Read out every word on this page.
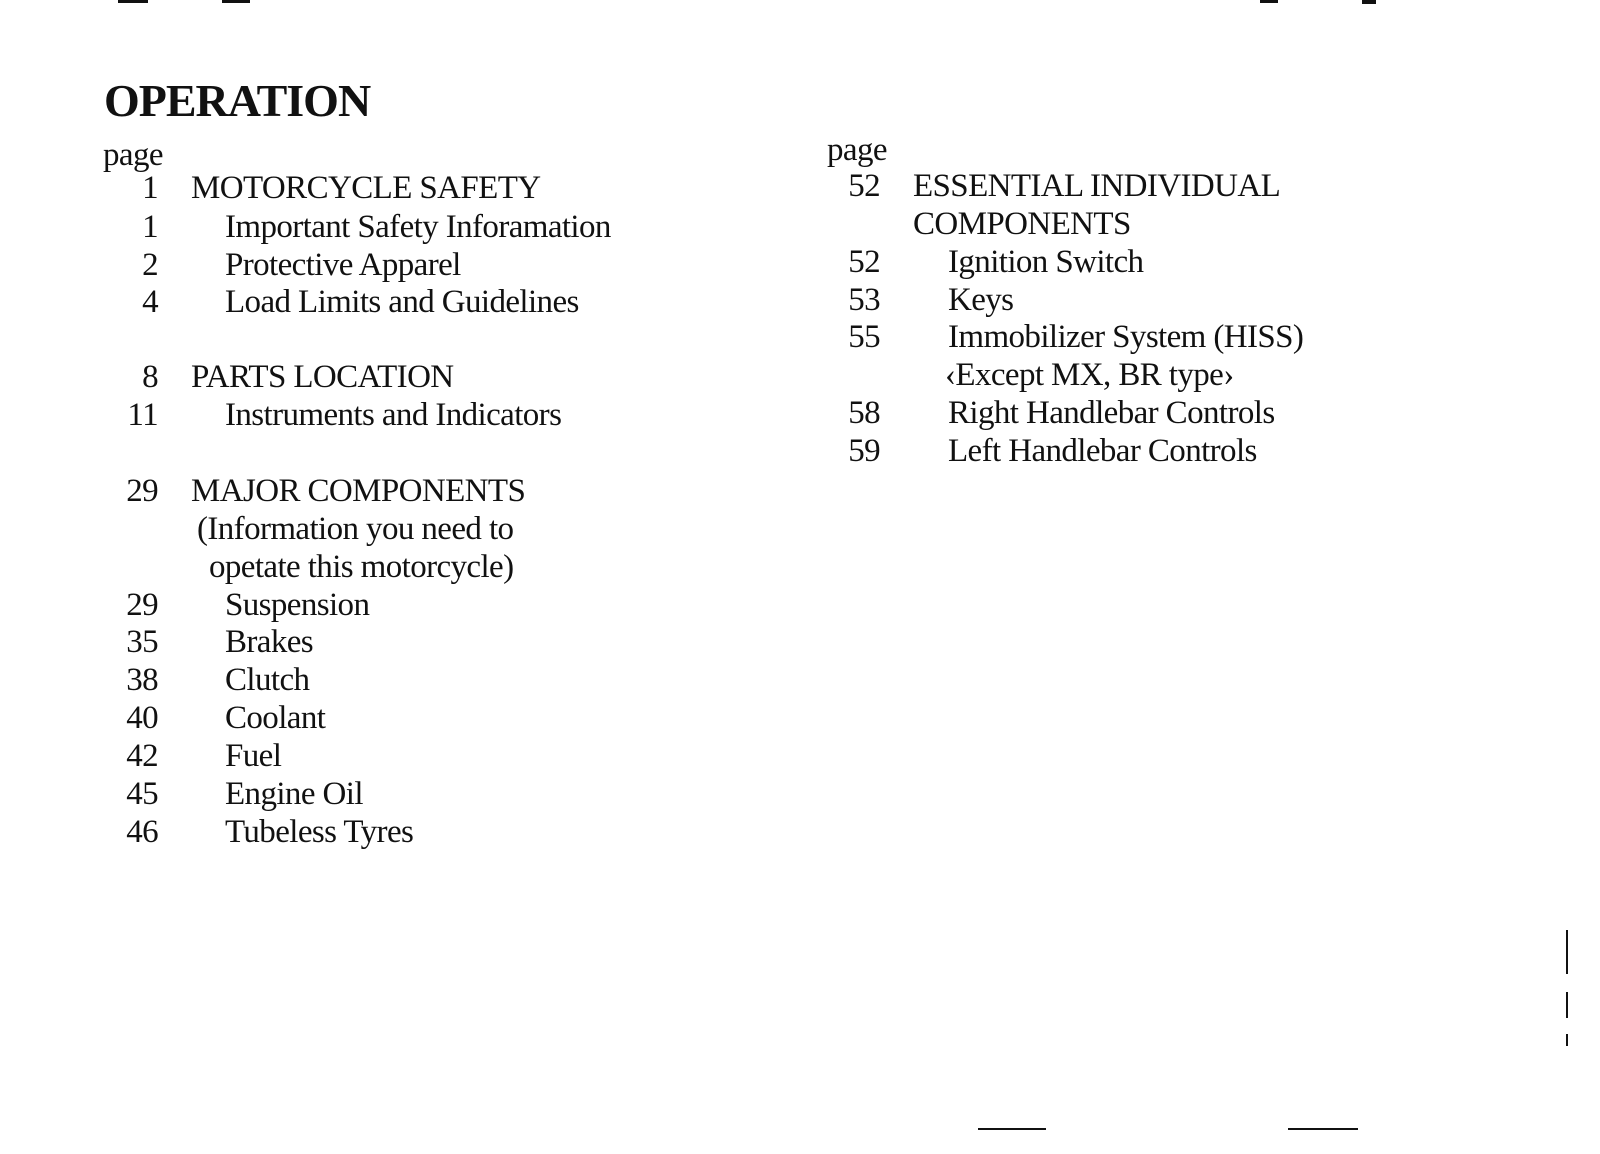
OPERATION
page
1 MOTORCYCLE SAFETY
1 Important Safety Inforamation
2 Protective Apparel
4 Load Limits and Guidelines
8 PARTS LOCATION
11 Instruments and Indicators
29 MAJOR COMPONENTS
(Information you need to
opetate this motorcycle)
29 Suspension
35 Brakes
38 Clutch
40 Coolant
42 Fuel
45 Engine Oil
46 Tubeless Tyres
page
52 ESSENTIAL INDIVIDUAL
COMPONENTS
52 Ignition Switch
53 Keys
55 Immobilizer System (HISS)
‹Except MX, BR type›
58 Right Handlebar Controls
59 Left Handlebar Controls
